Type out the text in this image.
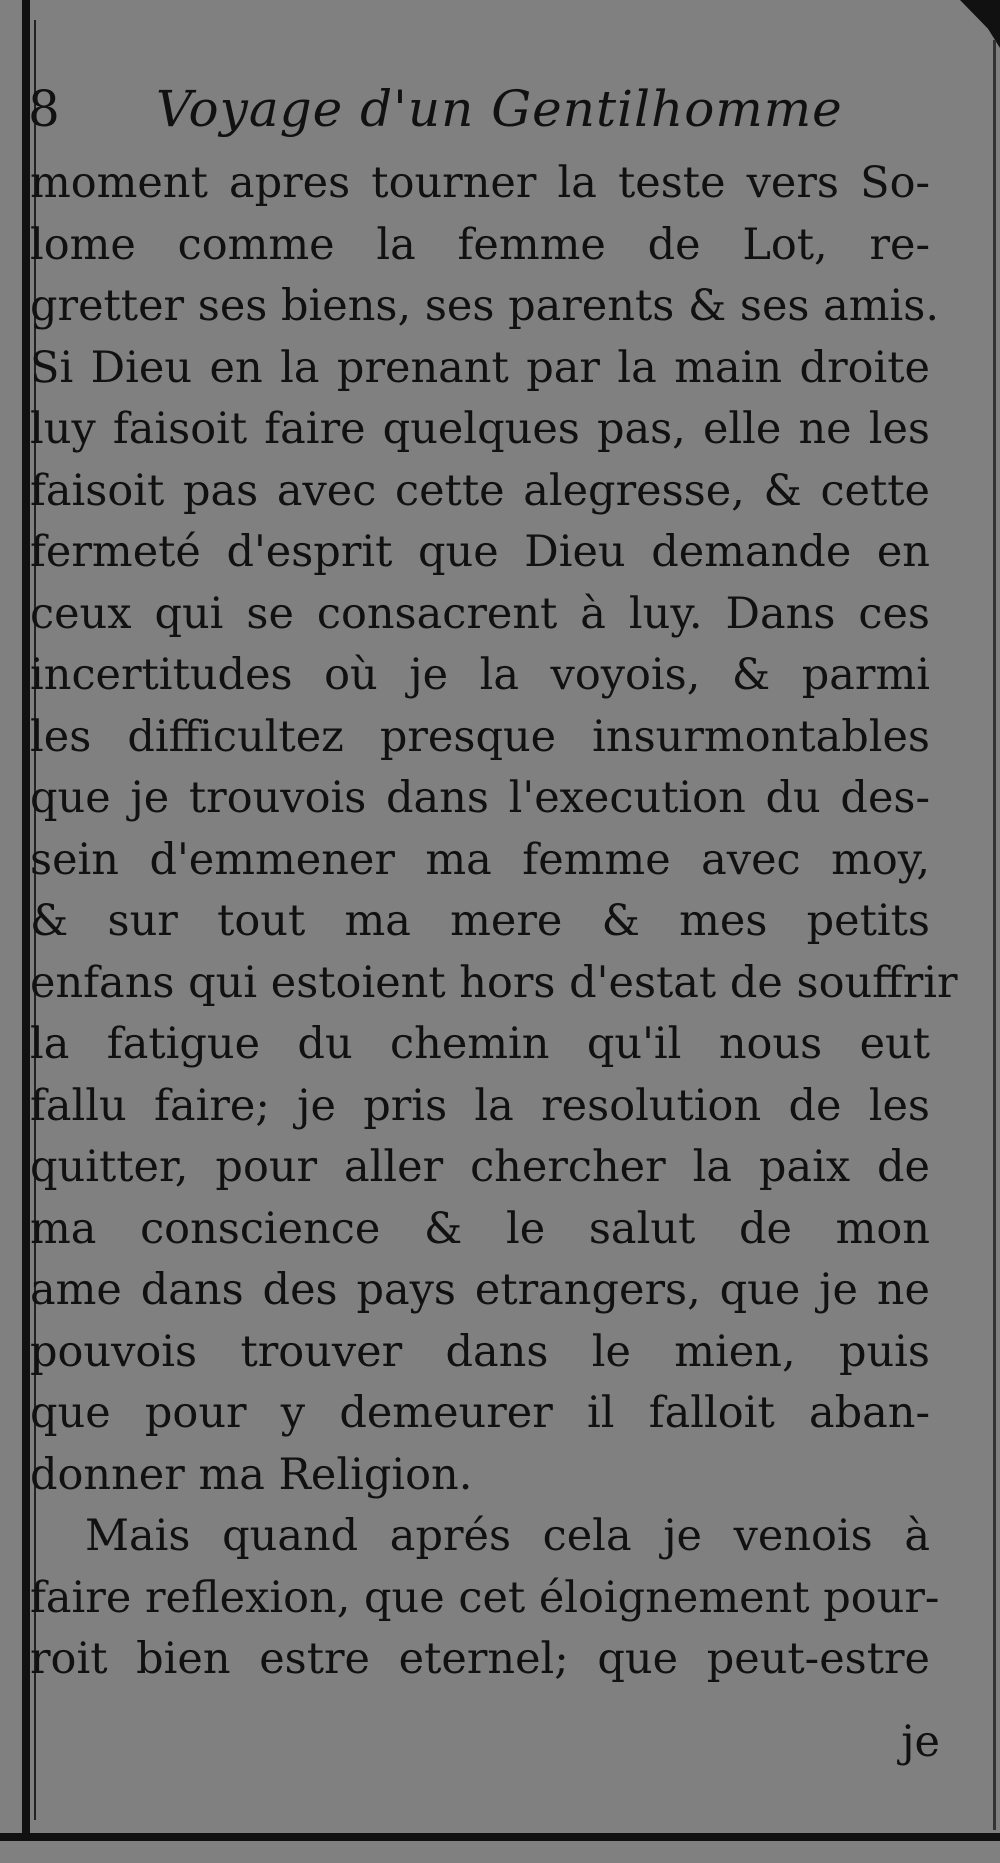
8 Voyage d'un Gentilhomme
moment apres tourner la teste vers So-
lome comme la femme de Lot, re-
gretter ses biens, ses parents & ses amis.
Si Dieu en la prenant par la main droite
luy faisoit faire quelques pas, elle ne les
faisoit pas avec cette alegresse, & cette
fermeté d'esprit que Dieu demande en
ceux qui se consacrent à luy. Dans ces
incertitudes où je la voyois, & parmi
les difficultez presque insurmontables
que je trouvois dans l'execution du des-
sein d'emmener ma femme avec moy,
& sur tout ma mere & mes petits
enfans qui estoient hors d'estat de souffrir
la fatigue du chemin qu'il nous eut
fallu faire; je pris la resolution de les
quitter, pour aller chercher la paix de
ma conscience & le salut de mon
ame dans des pays etrangers, que je ne
pouvois trouver dans le mien, puis
que pour y demeurer il falloit aban-
donner ma Religion.
Mais quand aprés cela je venois à
faire reflexion, que cet éloignement pour-
roit bien estre eternel; que peut-estre
je
